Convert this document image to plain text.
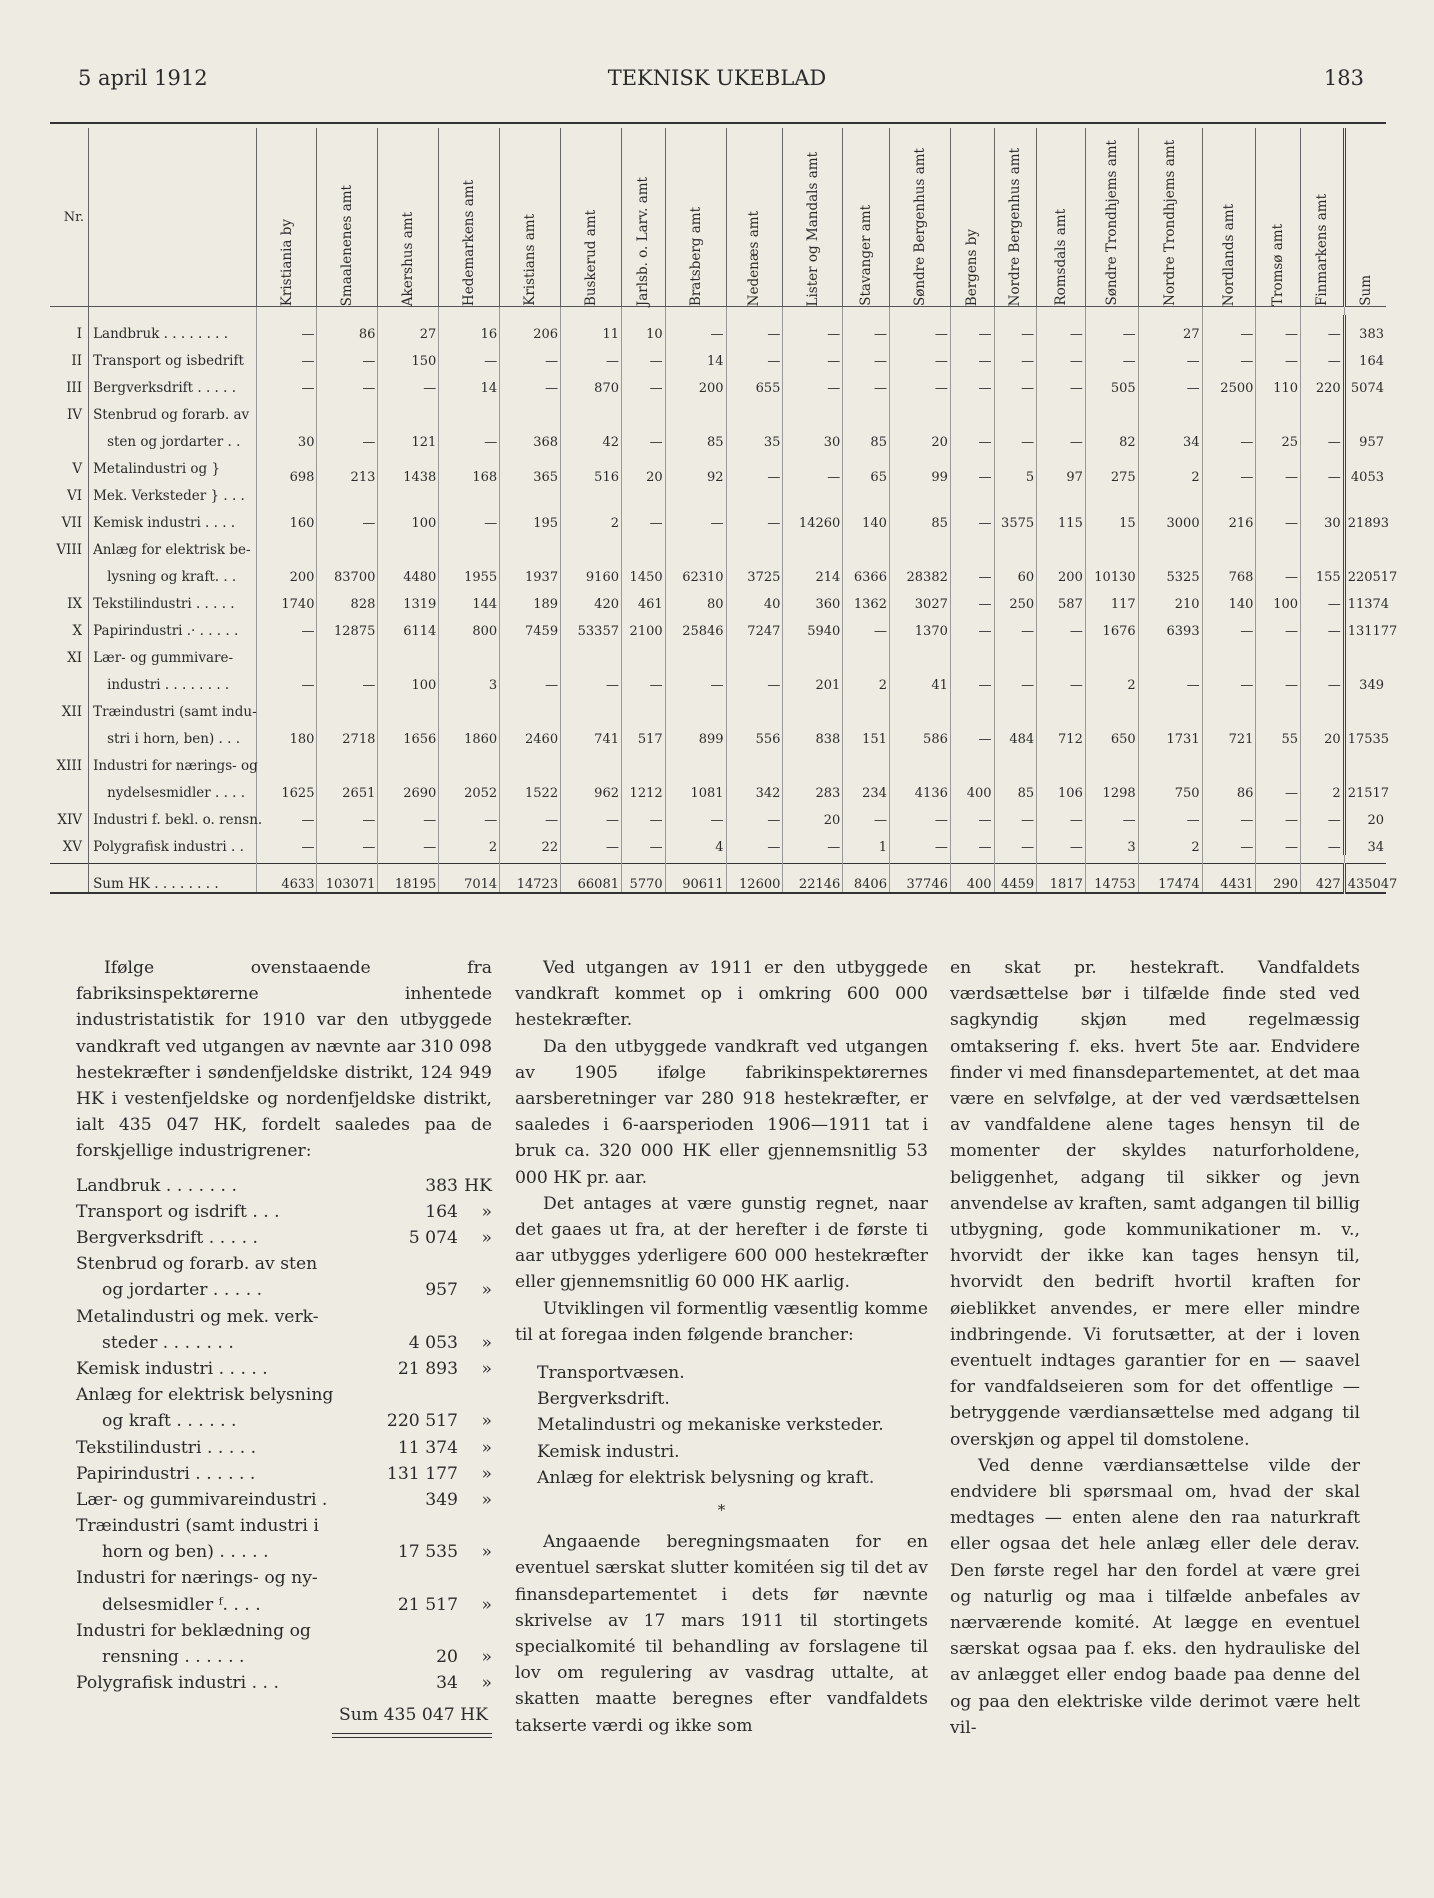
5 april 1912	TEKNISK UKEBLAD	183
Nr.		Kristiania by	Smaalenenes amt	Akershus amt	Hedemarkens amt	Kristians amt	Buskerud amt	Jarlsb. o. Larv. amt	Bratsberg amt	Nedenæs amt	Lister og Mandals amt	Stavanger amt	Søndre Bergenhus amt	Bergens by	Nordre Bergenhus amt	Romsdals amt	Søndre Trondhjems amt	Nordre Trondhjems amt	Nordlands amt	Tromsø amt	Finmarkens amt	Sum

I	Landbruk . . . . . . . .	—	86	27	16	206	11	10	—	—	—	—	—	—	—	—	—	27	—	—	—	383
II	Transport og isbedrift	—	—	150	—	—	—	—	14	—	—	—	—	—	—	—	—	—	—	—	—	164
III	Bergverksdrift . . . . .	—	—	—	14	—	870	—	200	655	—	—	—	—	—	—	505	—	2500	110	220	5074
IV	Stenbrud og forarb. av																					
	sten og jordarter . .	30	—	121	—	368	42	—	85	35	30	85	20	—	—	—	82	34	—	25	—	957
V	Metalindustri og }	698	213	1438	168	365	516	20	92	—	—	65	99	—	5	97	275	2	—	—	—	4053
VI	Mek. Verksteder } . . .																					
VII	Kemisk industri . . . .	160	—	100	—	195	2	—	—	—	14260	140	85	—	3575	115	15	3000	216	—	30	21893
VIII	Anlæg for elektrisk be-																					
	lysning og kraft. . .	200	83700	4480	1955	1937	9160	1450	62310	3725	214	6366	28382	—	60	200	10130	5325	768	—	155	220517
IX	Tekstilindustri . . . . .	1740	828	1319	144	189	420	461	80	40	360	1362	3027	—	250	587	117	210	140	100	—	11374
X	Papirindustri .· . . . . .	—	12875	6114	800	7459	53357	2100	25846	7247	5940	—	1370	—	—	—	1676	6393	—	—	—	131177
XI	Lær- og gummivare-																					
	industri . . . . . . . .	—	—	100	3	—	—	—	—	—	201	2	41	—	—	—	2	—	—	—	—	349
XII	Træindustri (samt indu-																					
	stri i horn, ben) . . .	180	2718	1656	1860	2460	741	517	899	556	838	151	586	—	484	712	650	1731	721	55	20	17535
XIII	Industri for nærings- og																					
	nydelsesmidler . . . .	1625	2651	2690	2052	1522	962	1212	1081	342	283	234	4136	400	85	106	1298	750	86	—	2	21517
XIV	Industri f. bekl. o. rensn.	—	—	—	—	—	—	—	—	—	20	—	—	—	—	—	—	—	—	—	—	20
XV	Polygrafisk industri . .	—	—	—	2	22	—	—	4	—	—	1	—	—	—	—	3	2	—	—	—	34

	Sum HK . . . . . . . .	4633	103071	18195	7014	14723	66081	5770	90611	12600	22146	8406	37746	400	4459	1817	14753	17474	4431	290	427	435047

Ifølge ovenstaaende fra fabriksinspektørerne inhentede industristatistik for 1910 var den utbyggede vandkraft ved utgangen av nævnte aar 310 098 hestekræfter i søndenfjeldske distrikt, 124 949 HK i vestenfjeldske og nordenfjeldske distrikt, ialt 435 047 HK, fordelt saaledes paa de forskjellige industrigrener:

Landbruk . . . . . . .	383 HK
Transport og isdrift . . .	164	»
Bergverksdrift . . . . .	5 074	»
Stenbrud og forarb. av sten
og jordarter . . . . .	957	»
Metalindustri og mek. verk-
steder . . . . . . .	4 053	»
Kemisk industri . . . . .	21 893	»
Anlæg for elektrisk belysning
og kraft . . . . . .	220 517	»
Tekstilindustri . . . . .	11 374	»
Papirindustri . . . . . .	131 177	»
Lær- og gummivareindustri .	349	»
Træindustri (samt industri i
horn og ben) . . . . .	17 535	»
Industri for nærings- og ny-
delsesmidler ᶠ. . . .	21 517	»
Industri for beklædning og
rensning . . . . . .	20	»
Polygrafisk industri . . .	34	»
Sum 435 047 HK

Ved utgangen av 1911 er den utbyggede vandkraft kommet op i omkring 600 000 hestekræfter.

Da den utbyggede vandkraft ved utgangen av 1905 ifølge fabrikinspektørernes aarsberetninger var 280 918 hestekræfter, er saaledes i 6-aarsperioden 1906—1911 tat i bruk ca. 320 000 HK eller gjennemsnitlig 53 000 HK pr. aar.

Det antages at være gunstig regnet, naar det gaaes ut fra, at der herefter i de første ti aar utbygges yderligere 600 000 hestekræfter eller gjennemsnitlig 60 000 HK aarlig.

Utviklingen vil formentlig væsentlig komme til at foregaa inden følgende brancher:

Transportvæsen.
Bergverksdrift.
Metalindustri og mekaniske verksteder.
Kemisk industri.
Anlæg for elektrisk belysning og kraft.
*

Angaaende beregningsmaaten for en eventuel særskat slutter komitéen sig til det av finansdepartementet i dets før nævnte skrivelse av 17 mars 1911 til stortingets specialkomité til behandling av forslagene til lov om regulering av vasdrag uttalte, at skatten maatte beregnes efter vandfaldets takserte værdi og ikke som

en skat pr. hestekraft. Vandfaldets værdsættelse bør i tilfælde finde sted ved sagkyndig skjøn med regelmæssig omtaksering f. eks. hvert 5te aar. Endvidere finder vi med finansdepartementet, at det maa være en selvfølge, at der ved værdsættelsen av vandfaldene alene tages hensyn til de momenter der skyldes naturforholdene, beliggenhet, adgang til sikker og jevn anvendelse av kraften, samt adgangen til billig utbygning, gode kommunikationer m. v., hvorvidt der ikke kan tages hensyn til, hvorvidt den bedrift hvortil kraften for øieblikket anvendes, er mere eller mindre indbringende. Vi forutsætter, at der i loven eventuelt indtages garantier for en — saavel for vandfaldseieren som for det offentlige — betryggende værdiansættelse med adgang til overskjøn og appel til domstolene.

Ved denne værdiansættelse vilde der endvidere bli spørsmaal om, hvad der skal medtages — enten alene den raa naturkraft eller ogsaa det hele anlæg eller dele derav. Den første regel har den fordel at være grei og naturlig og maa i tilfælde anbefales av nærværende komité. At lægge en eventuel særskat ogsaa paa f. eks. den hydrauliske del av anlægget eller endog baade paa denne del og paa den elektriske vilde derimot være helt vil-
